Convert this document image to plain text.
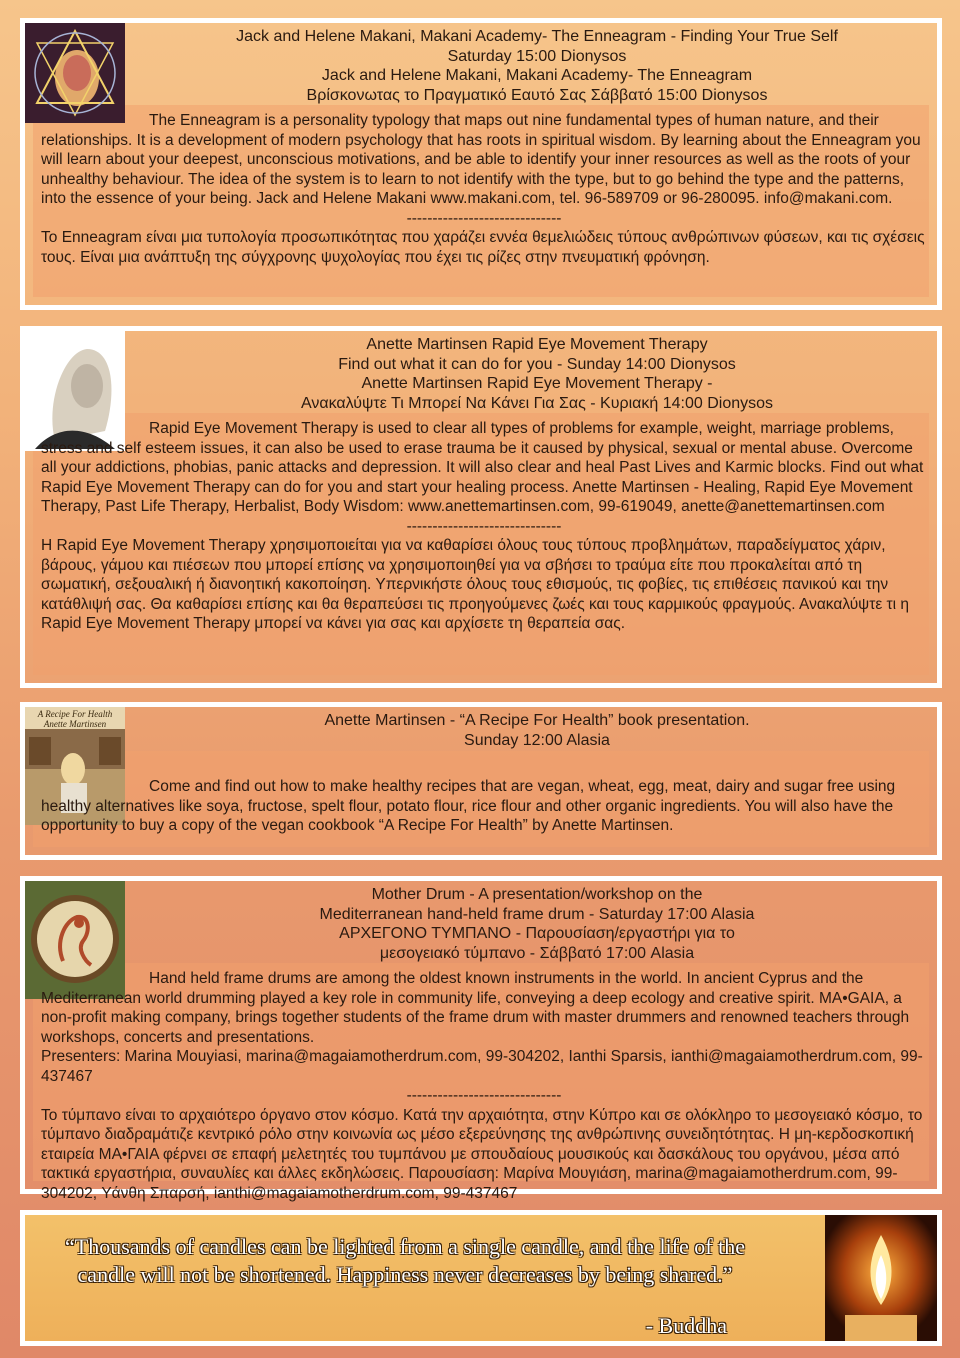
Jack and Helene Makani, Makani Academy- The Enneagram - Finding Your True Self
Saturday 15:00 Dionysos
Jack and Helene Makani, Makani Academy- The Enneagram
Βρίσκονωτας το Πραγματικό Εαυτό Σας Σάββατό 15:00 Dionysos

The Enneagram is a personality typology that maps out nine fundamental types of human nature, and their relationships. It is a development of modern psychology that has roots in spiritual wisdom. By learning about the Enneagram you will learn about your deepest, unconscious motivations, and be able to identify your inner resources as well as the roots of your unhealthy behaviour. The idea of the system is to learn to not identify with the type, but to go behind the type and the patterns, into the essence of your being. Jack and Helene Makani www.makani.com, tel. 96-589709 or 96-280095. info@makani.com.

------------------------------

Το Enneagram είναι μια τυπολογία προσωπικότητας που χαράζει εννέα θεμελιώδεις τύπους ανθρώπινων φύσεων, και τις σχέσεις τους. Είναι μια ανάπτυξη της σύγχρονης ψυχολογίας που έχει τις ρίζες στην πνευματική φρόνηση.

Anette Martinsen Rapid Eye Movement Therapy
Find out what it can do for you - Sunday 14:00 Dionysos
Anette Martinsen Rapid Eye Movement Therapy -
Ανακαλύψτε Τι Μπορεί Να Κάνει Για Σας - Κυριακή 14:00 Dionysos

Rapid Eye Movement Therapy is used to clear all types of problems for example, weight, marriage problems, stress and self esteem issues, it can also be used to erase trauma be it caused by physical, sexual or mental abuse. Overcome all your addictions, phobias, panic attacks and depression. It will also clear and heal Past Lives and Karmic blocks. Find out what Rapid Eye Movement Therapy can do for you and start your healing process. Anette Martinsen - Healing, Rapid Eye Movement Therapy, Past Life Therapy, Herbalist, Body Wisdom: www.anettemartinsen.com, 99-619049, anette@anettemartinsen.com

------------------------------

Η Rapid Eye Movement Therapy χρησιμοποιείται για να καθαρίσει όλους τους τύπους προβλημάτων, παραδείγματος χάριν, βάρους, γάμου και πιέσεων που μπορεί επίσης να χρησιμοποιηθεί για να σβήσει το τραύμα είτε που προκαλείται από τη σωματική, σεξουαλική ή διανοητική κακοποίηση. Υπερνικήστε όλους τους εθισμούς, τις φοβίες, τις επιθέσεις πανικού και την κατάθλιψή σας. Θα καθαρίσει επίσης και θα θεραπεύσει τις προηγούμενες ζωές και τους καρμικούς φραγμούς. Ανακαλύψτε τι η Rapid Eye Movement Therapy μπορεί να κάνει για σας και αρχίσετε τη θεραπεία σας.

A Recipe For Health
Anette Martinsen	Anette Martinsen - “A Recipe For Health” book presentation.
Sunday 12:00 Alasia

Come and find out how to make healthy recipes that are vegan, wheat, egg, meat, dairy and sugar free using healthy alternatives like soya, fructose, spelt flour, potato flour, rice flour and other organic ingredients. You will also have the opportunity to buy a copy of the vegan cookbook “A Recipe For Health” by Anette Martinsen.

Mother Drum - A presentation/workshop on the
Mediterranean hand-held frame drum - Saturday 17:00 Alasia
ΑΡΧΕΓΟΝΟ ΤΥΜΠΑΝΟ - Παρουσίαση/εργαστήρι για το
μεσογειακό τύμπανο - Σάββατό 17:00 Alasia

Hand held frame drums are among the oldest known instruments in the world. In ancient Cyprus and the Mediterranean world drumming played a key role in community life, conveying a deep ecology and creative spirit. MA•GAIA, a non-profit making company, brings together students of the frame drum with master drummers and renowned teachers through workshops, concerts and presentations.

Presenters: Marina Mouyiasi, marina@magaiamotherdrum.com, 99-304202, Ianthi Sparsis, ianthi@magaiamotherdrum.com, 99-437467

------------------------------

Το τύμπανο είναι το αρχαιότερο όργανο στον κόσμο. Κατά την αρχαιότητα, στην Κύπρο και σε ολόκληρο το μεσογειακό κόσμο, το τύμπανο διαδραμάτιζε κεντρικό ρόλο στην κοινωνία ως μέσο εξερεύνησης της ανθρώπινης συνειδητότητας. Η μη-κερδοσκοπική εταιρεία ΜΑ•ΓΑΙΑ φέρνει σε επαφή μελετητές του τυμπάνου με σπουδαίους μουσικούς και δασκάλους του οργάνου, μέσα από τακτικά εργαστήρια, συναυλίες και άλλες εκδηλώσεις. Παρουσίαση: Μαρίνα Μουγιάση, marina@magaiamotherdrum.com, 99-304202, Υάνθη Σπαρσή, ianthi@magaiamotherdrum.com, 99-437467

“Thousands of candles can be lighted from a single candle, and the life of the candle will not be shortened. Happiness never decreases by being shared.”
- Buddha
